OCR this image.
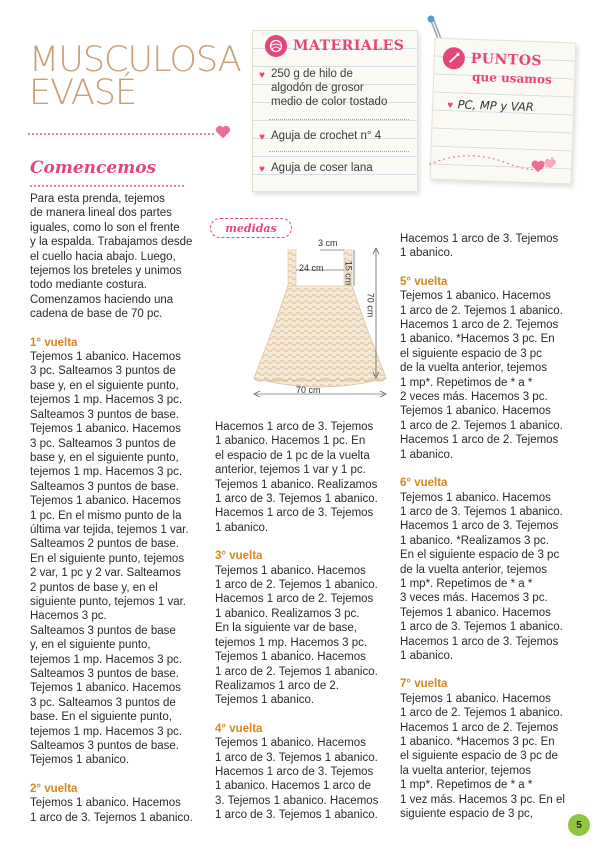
MUSCULOSA
EVASÉ
MATERIALES
♥ 250 g de hilo de
algodón de grosor
medio de color tostado
♥ Aguja de crochet n° 4
♥ Aguja de coser lana
PUNTOS
que usamos
♥ PC, MP y VAR
Comencemos

Para esta prenda, tejemos

de manera lineal dos partes

iguales, como lo son el frente

y la espalda. Trabajamos desde

el cuello hacia abajo. Luego,

tejemos los breteles y unimos

todo mediante costura.

Comenzamos haciendo una

cadena de base de 70 pc.

1° vuelta

Tejemos 1 abanico. Hacemos

3 pc. Salteamos 3 puntos de

base y, en el siguiente punto,

tejemos 1 mp. Hacemos 3 pc.

Salteamos 3 puntos de base.

Tejemos 1 abanico. Hacemos

3 pc. Salteamos 3 puntos de

base y, en el siguiente punto,

tejemos 1 mp. Hacemos 3 pc.

Salteamos 3 puntos de base.

Tejemos 1 abanico. Hacemos

1 pc. En el mismo punto de la

última var tejida, tejemos 1 var.

Salteamos 2 puntos de base.

En el siguiente punto, tejemos

2 var, 1 pc y 2 var. Salteamos

2 puntos de base y, en el

siguiente punto, tejemos 1 var.

Hacemos 3 pc.

Salteamos 3 puntos de base

y, en el siguiente punto,

tejemos 1 mp. Hacemos 3 pc.

Salteamos 3 puntos de base.

Tejemos 1 abanico. Hacemos

3 pc. Salteamos 3 puntos de

base. En el siguiente punto,

tejemos 1 mp. Hacemos 3 pc.

Salteamos 3 puntos de base.

Tejemos 1 abanico.

2° vuelta

Tejemos 1 abanico. Hacemos

1 arco de 3. Tejemos 1 abanico.

medidas
3 cm
24 cm 15 cm
70 cm
70 cm

Hacemos 1 arco de 3. Tejemos

1 abanico. Hacemos 1 pc. En

el espacio de 1 pc de la vuelta

anterior, tejemos 1 var y 1 pc.

Tejemos 1 abanico. Realizamos

1 arco de 3. Tejemos 1 abanico.

Hacemos 1 arco de 3. Tejemos

1 abanico.

3° vuelta

Tejemos 1 abanico. Hacemos

1 arco de 2. Tejemos 1 abanico.

Hacemos 1 arco de 2. Tejemos

1 abanico. Realizamos 3 pc.

En la siguiente var de base,

tejemos 1 mp. Hacemos 3 pc.

Tejemos 1 abanico. Hacemos

1 arco de 2. Tejemos 1 abanico.

Realizamos 1 arco de 2.

Tejemos 1 abanico.

4° vuelta

Tejemos 1 abanico. Hacemos

1 arco de 3. Tejemos 1 abanico.

Hacemos 1 arco de 3. Tejemos

1 abanico. Hacemos 1 arco de

3. Tejemos 1 abanico. Hacemos

1 arco de 3. Tejemos 1 abanico.

Hacemos 1 arco de 3. Tejemos

1 abanico.

5° vuelta

Tejemos 1 abanico. Hacemos

1 arco de 2. Tejemos 1 abanico.

Hacemos 1 arco de 2. Tejemos

1 abanico. *Hacemos 3 pc. En

el siguiente espacio de 3 pc

de la vuelta anterior, tejemos

1 mp*. Repetimos de * a *

2 veces más. Hacemos 3 pc.

Tejemos 1 abanico. Hacemos

1 arco de 2. Tejemos 1 abanico.

Hacemos 1 arco de 2. Tejemos

1 abanico.

6° vuelta

Tejemos 1 abanico. Hacemos

1 arco de 3. Tejemos 1 abanico.

Hacemos 1 arco de 3. Tejemos

1 abanico. *Realizamos 3 pc.

En el siguiente espacio de 3 pc

de la vuelta anterior, tejemos

1 mp*. Repetimos de * a *

3 veces más. Hacemos 3 pc.

Tejemos 1 abanico. Hacemos

1 arco de 3. Tejemos 1 abanico.

Hacemos 1 arco de 3. Tejemos

1 abanico.

7° vuelta

Tejemos 1 abanico. Hacemos

1 arco de 2. Tejemos 1 abanico.

Hacemos 1 arco de 2. Tejemos

1 abanico. *Hacemos 3 pc. En

el siguiente espacio de 3 pc de

la vuelta anterior, tejemos

1 mp*. Repetimos de * a *

1 vez más. Hacemos 3 pc. En el

siguiente espacio de 3 pc,

5
